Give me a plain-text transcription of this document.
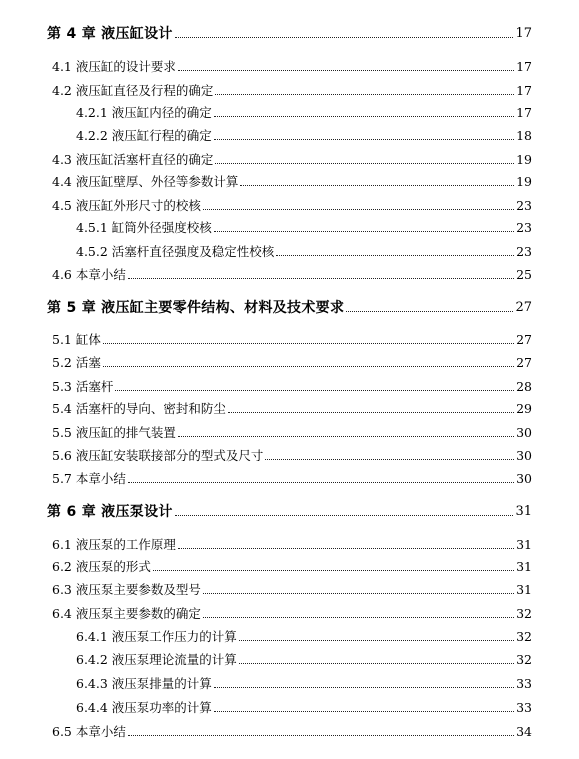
第 4 章 液压缸设计	17
4.1 液压缸的设计要求	17
4.2 液压缸直径及行程的确定	17
4.2.1 液压缸内径的确定	17
4.2.2 液压缸行程的确定	18
4.3 液压缸活塞杆直径的确定	19
4.4 液压缸壁厚、外径等参数计算	19
4.5 液压缸外形尺寸的校核	23
4.5.1 缸筒外径强度校核	23
4.5.2 活塞杆直径强度及稳定性校核	23
4.6 本章小结	25
第 5 章 液压缸主要零件结构、材料及技术要求	27
5.1 缸体	27
5.2 活塞	27
5.3 活塞杆	28
5.4 活塞杆的导向、密封和防尘	29
5.5 液压缸的排气装置	30
5.6 液压缸安装联接部分的型式及尺寸	30
5.7 本章小结	30
第 6 章 液压泵设计	31
6.1 液压泵的工作原理	31
6.2 液压泵的形式	31
6.3 液压泵主要参数及型号	31
6.4 液压泵主要参数的确定	32
6.4.1 液压泵工作压力的计算	32
6.4.2 液压泵理论流量的计算	32
6.4.3 液压泵排量的计算	33
6.4.4 液压泵功率的计算	33
6.5 本章小结	34
